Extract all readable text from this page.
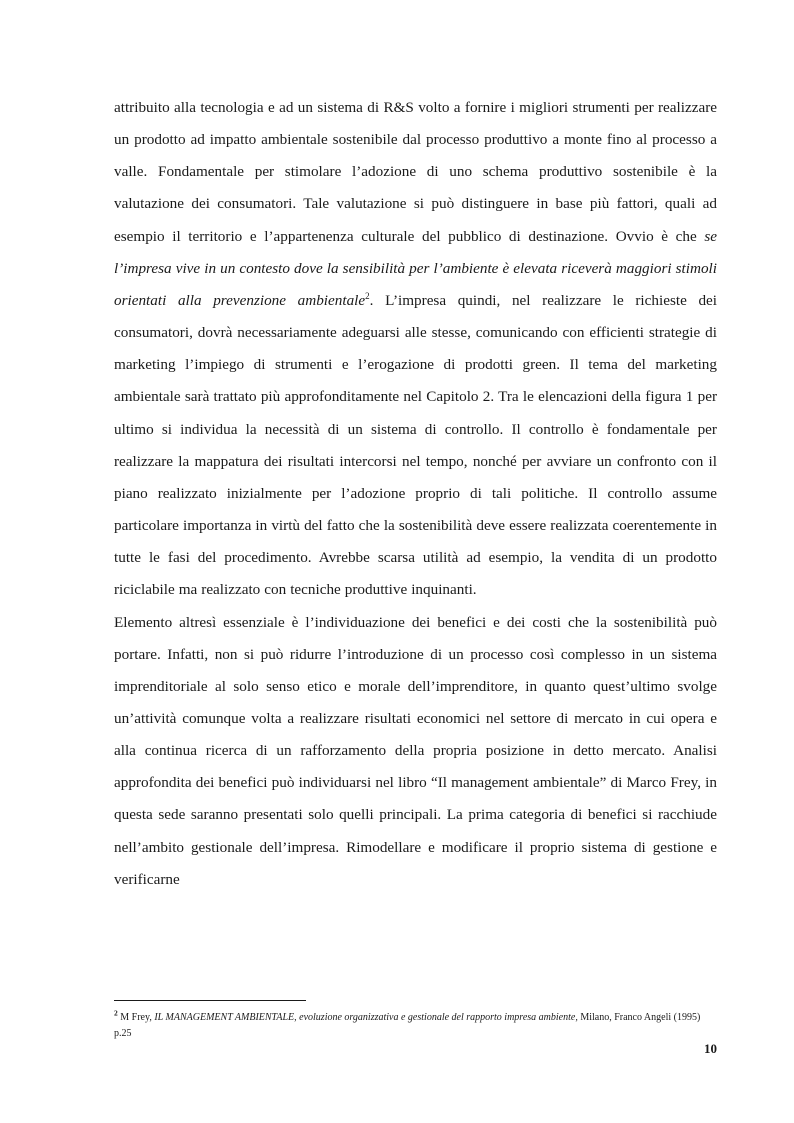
attribuito alla tecnologia e ad un sistema di R&S volto a fornire i migliori strumenti per realizzare un prodotto ad impatto ambientale sostenibile dal processo produttivo a monte fino al processo a valle. Fondamentale per stimolare l’adozione di uno schema produttivo sostenibile è la valutazione dei consumatori. Tale valutazione si può distinguere in base più fattori, quali ad esempio il territorio e l’appartenenza culturale del pubblico di destinazione. Ovvio è che se l’impresa vive in un contesto dove la sensibilità per l’ambiente è elevata riceverà maggiori stimoli orientati alla prevenzione ambientale$^2$. L’impresa quindi, nel realizzare le richieste dei consumatori, dovrà necessariamente adeguarsi alle stesse, comunicando con efficienti strategie di marketing l’impiego di strumenti e l’erogazione di prodotti green. Il tema del marketing ambientale sarà trattato più approfonditamente nel Capitolo 2. Tra le elencazioni della figura 1 per ultimo si individua la necessità di un sistema di controllo. Il controllo è fondamentale per realizzare la mappatura dei risultati intercorsi nel tempo, nonché per avviare un confronto con il piano realizzato inizialmente per l’adozione proprio di tali politiche. Il controllo assume particolare importanza in virtù del fatto che la sostenibilità deve essere realizzata coerentemente in tutte le fasi del procedimento. Avrebbe scarsa utilità ad esempio, la vendita di un prodotto riciclabile ma realizzato con tecniche produttive inquinanti.

Elemento altresì essenziale è l’individuazione dei benefici e dei costi che la sostenibilità può portare. Infatti, non si può ridurre l’introduzione di un processo così complesso in un sistema imprenditoriale al solo senso etico e morale dell’imprenditore, in quanto quest’ultimo svolge un’attività comunque volta a realizzare risultati economici nel settore di mercato in cui opera e alla continua ricerca di un rafforzamento della propria posizione in detto mercato. Analisi approfondita dei benefici può individuarsi nel libro “Il management ambientale” di Marco Frey, in questa sede saranno presentati solo quelli principali. La prima categoria di benefici si racchiude nell’ambito gestionale dell’impresa. Rimodellare e modificare il proprio sistema di gestione e verificarne

$^2$ M Frey, IL MANAGEMENT AMBIENTALE, evoluzione organizzativa e gestionale del rapporto impresa ambiente, Milano, Franco Angeli (1995) p.25
10
